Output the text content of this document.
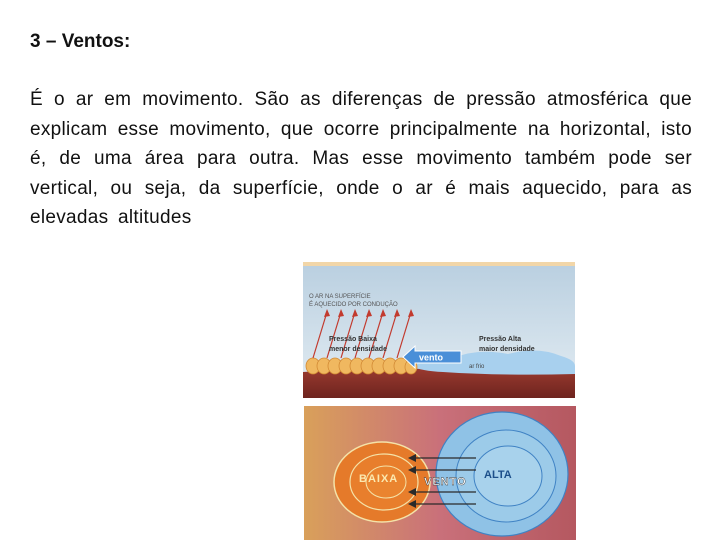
3 – Ventos:

É o ar em movimento. São as diferenças de pressão atmosférica que explicam esse movimento, que ocorre principalmente na horizontal, isto é, de uma área para outra. Mas esse movimento também pode ser vertical, ou seja, da superfície, onde o ar é mais aquecido, para as elevadas altitudes

O AR NA SUPERFÍCIE
É AQUECIDO POR CONDUÇÃO
Pressão Baixa
menor densidade
Pressão Alta
maior densidade
vento
ar frio
BAIXA	ALTA
VENTO
